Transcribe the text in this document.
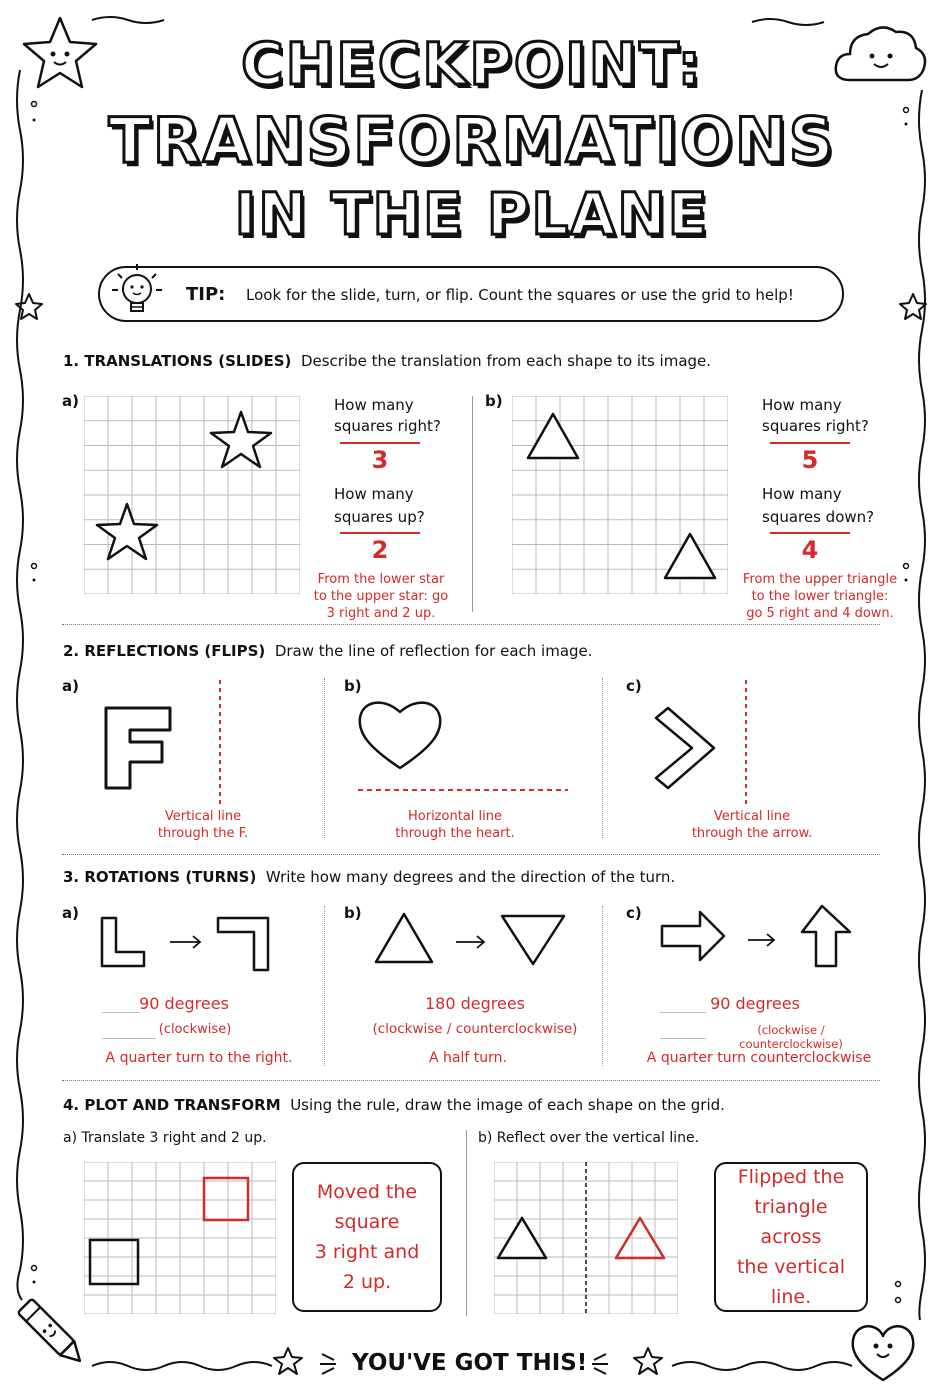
CHECKPOINT:
TRANSFORMATIONS
IN THE PLANE
TIP: Look for the slide, turn, or flip. Count the squares or use the grid to help!
1. TRANSLATIONS (SLIDES) Describe the translation from each shape to its image.
a)	How many
squares right?
3
How many
squares up?
2
From the lower star
to the upper star: go
3 right and 2 up.
b)	How many
squares right?
5
How many
squares down?
4
From the upper triangle
to the lower triangle:
go 5 right and 4 down.
2. REFLECTIONS (FLIPS) Draw the line of reflection for each image.
a)
Vertical line
through the F.
b)
Horizontal line
through the heart.
c)
Vertical line
through the arrow.
3. ROTATIONS (TURNS) Write how many degrees and the direction of the turn.
a)
90 degrees
(clockwise)
A quarter turn to the right.
b)
180 degrees
(clockwise / counterclockwise)
A half turn.
c)
90 degrees
(clockwise / counterclockwise)
A quarter turn counterclockwise
4. PLOT AND TRANSFORM Using the rule, draw the image of each shape on the grid.
a) Translate 3 right and 2 up.	b) Reflect over the vertical line.
Moved the
square
3 right and
2 up.
Flipped the
triangle across
the vertical
line.
YOU'VE GOT THIS!
